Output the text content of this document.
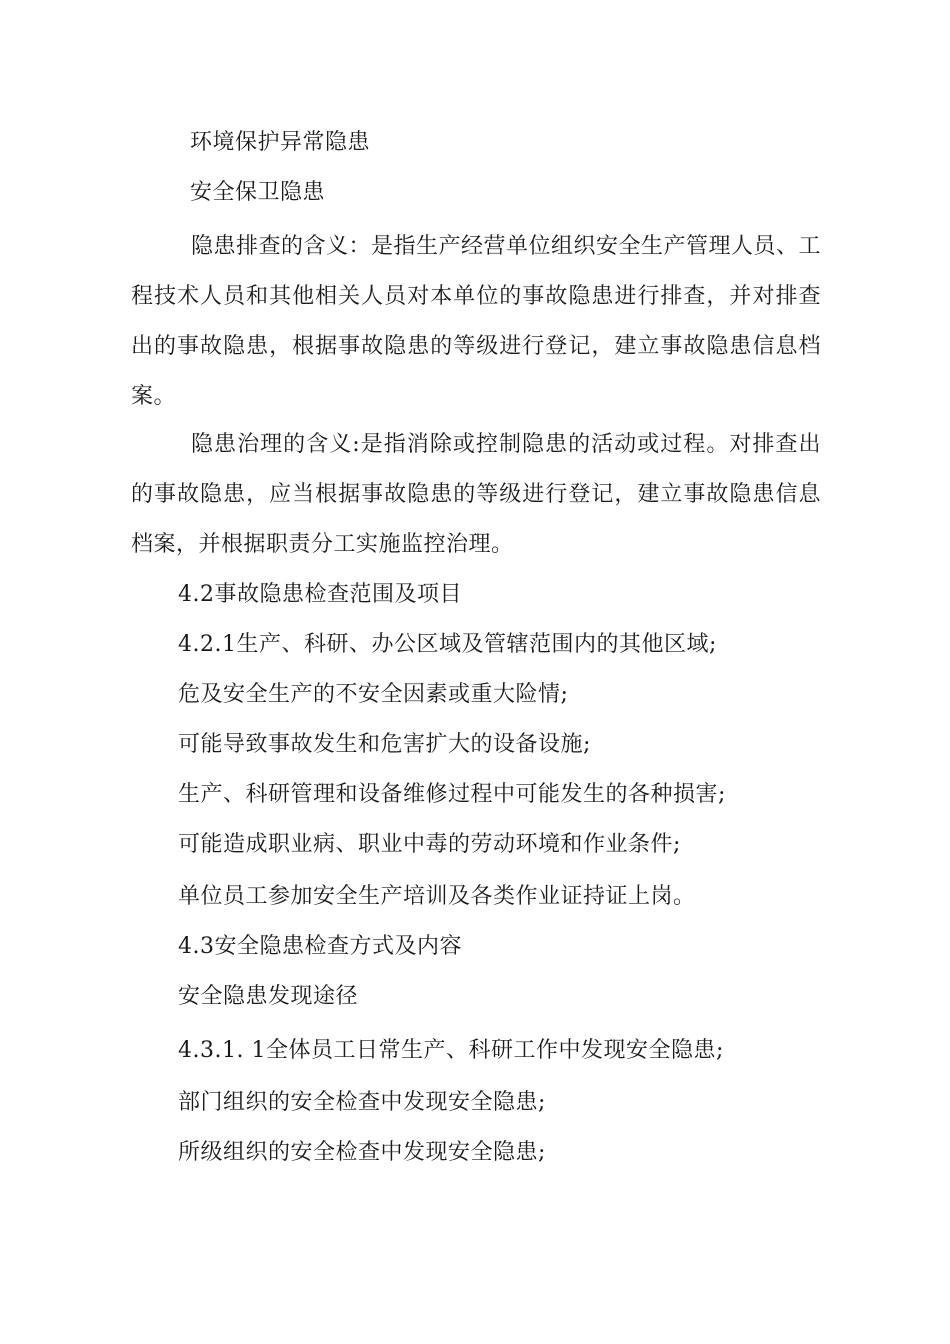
环境保护异常隐患
安全保卫隐患
隐患排查的含义：是指生产经营单位组织安全生产管理人员、工程技术人员和其他相关人员对本单位的事故隐患进行排查，并对排查出的事故隐患，根据事故隐患的等级进行登记，建立事故隐患信息档案。
隐患治理的含义:是指消除或控制隐患的活动或过程。对排查出的事故隐患，应当根据事故隐患的等级进行登记，建立事故隐患信息档案，并根据职责分工实施监控治理。
4.2事故隐患检查范围及项目
4.2.1生产、科研、办公区域及管辖范围内的其他区域;
危及安全生产的不安全因素或重大险情;
可能导致事故发生和危害扩大的设备设施;
生产、科研管理和设备维修过程中可能发生的各种损害;
可能造成职业病、职业中毒的劳动环境和作业条件;
单位员工参加安全生产培训及各类作业证持证上岗。
4.3安全隐患检查方式及内容
安全隐患发现途径
4.3.1. 1全体员工日常生产、科研工作中发现安全隐患;
部门组织的安全检查中发现安全隐患;
所级组织的安全检查中发现安全隐患;
